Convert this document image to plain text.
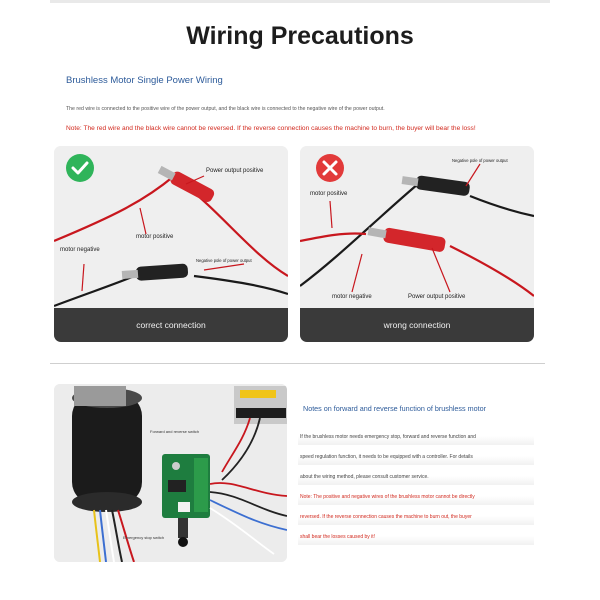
Wiring Precautions
Brushless Motor Single Power Wiring
The red wire is connected to the positive wire of the power output, and the black wire is connected to the negative wire of the power output.
Note: The red wire and the black wire cannot be reversed. If the reverse connection causes the machine to burn, the buyer will bear the loss!
Power output positive
motor positive
motor negative
Negative pole of power output
correct connection
Negative pole of power output
motor positive
motor negative	Power output positive
wrong connection
Forward and reverse switch
Emergency stop switch
Notes on forward and reverse function of brushless motor
If the brushless motor needs emergency stop, forward and reverse function and
speed regulation function, it needs to be equipped with a controller. For details
about the wiring method, please consult customer service.
Note: The positive and negative wires of the brushless motor cannot be directly
reversed. If the reverse connection causes the machine to burn out, the buyer
shall bear the losses caused by it!
